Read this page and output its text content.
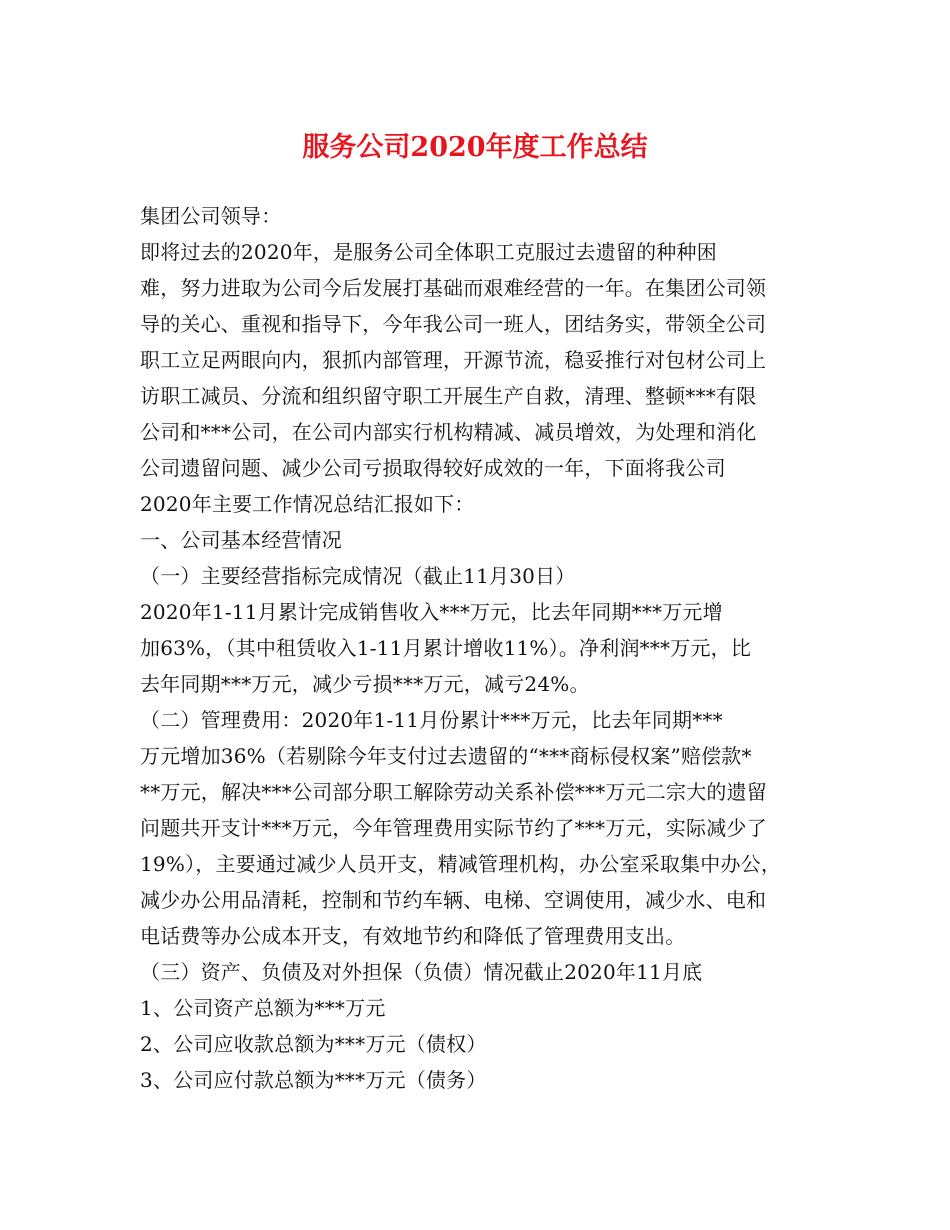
服务公司2020年度工作总结

集团公司领导：

即将过去的2020年，是服务公司全体职工克服过去遗留的种种困

难，努力进取为公司今后发展打基础而艰难经营的一年。在集团公司领

导的关心、重视和指导下，今年我公司一班人，团结务实，带领全公司

职工立足两眼向内，狠抓内部管理，开源节流，稳妥推行对包材公司上

访职工减员、分流和组织留守职工开展生产自救，清理、整顿***有限

公司和***公司，在公司内部实行机构精减、减员增效，为处理和消化

公司遗留问题、减少公司亏损取得较好成效的一年，下面将我公司

2020年主要工作情况总结汇报如下：

一、公司基本经营情况

（一）主要经营指标完成情况（截止11月30日）

2020年1-11月累计完成销售收入***万元，比去年同期***万元增

加63%，（其中租赁收入1-11月累计增收11%）。净利润***万元，比

去年同期***万元，减少亏损***万元，减亏24%。

（二）管理费用：2020年1-11月份累计***万元，比去年同期***

万元增加36%（若剔除今年支付过去遗留的“***商标侵权案”赔偿款*

**万元，解决***公司部分职工解除劳动关系补偿***万元二宗大的遗留

问题共开支计***万元，今年管理费用实际节约了***万元，实际减少了

19%），主要通过减少人员开支，精减管理机构，办公室采取集中办公，

减少办公用品清耗，控制和节约车辆、电梯、空调使用，减少水、电和

电话费等办公成本开支，有效地节约和降低了管理费用支出。

（三）资产、负债及对外担保（负债）情况截止2020年11月底

1、公司资产总额为***万元

2、公司应收款总额为***万元（债权）

3、公司应付款总额为***万元（债务）
